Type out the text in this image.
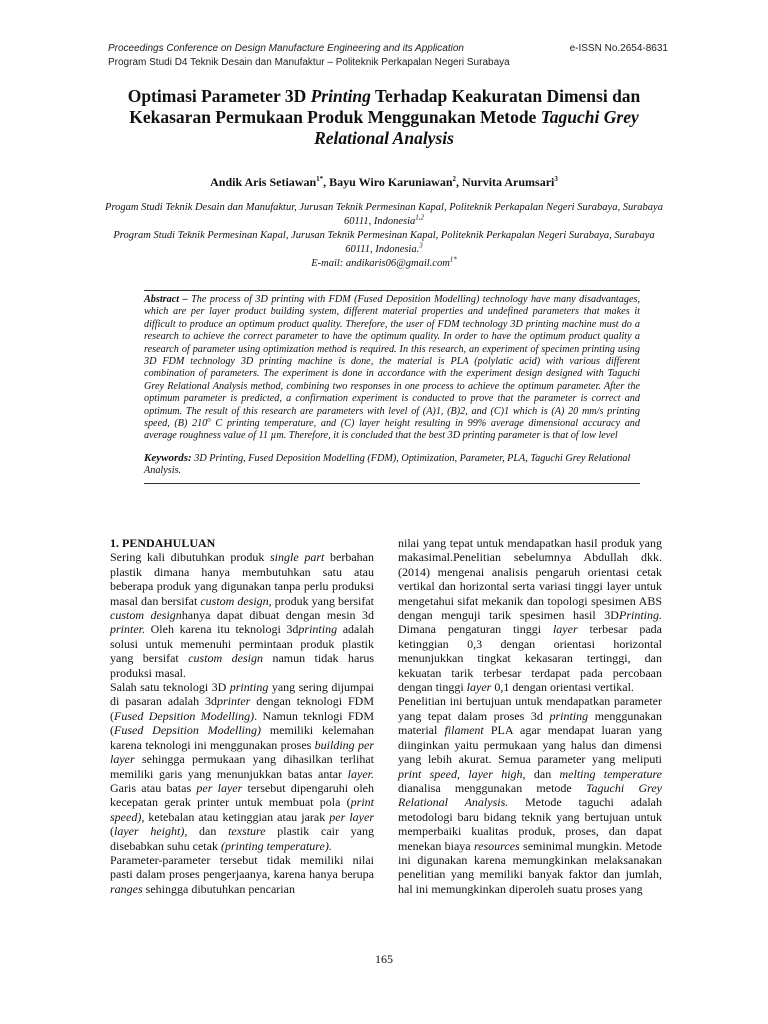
Proceedings Conference on Design Manufacture Engineering and its Application	e-ISSN No.2654-8631
Program Studi D4 Teknik Desain dan Manufaktur – Politeknik Perkapalan Negeri Surabaya
Optimasi Parameter 3D Printing Terhadap Keakuratan Dimensi dan Kekasaran Permukaan Produk Menggunakan Metode Taguchi Grey Relational Analysis
Andik Aris Setiawan$^{1*}$, Bayu Wiro Karuniawan$^2$, Nurvita Arumsari$^3$
Progam Studi Teknik Desain dan Manufaktur, Jurusan Teknik Permesinan Kapal, Politeknik Perkapalan Negeri Surabaya, Surabaya 60111, Indonesia$^{1,2}$
Program Studi Teknik Permesinan Kapal, Jurusan Teknik Permesinan Kapal, Politeknik Perkapalan Negeri Surabaya, Surabaya 60111, Indonesia.$^3$
E-mail: andikaris06@gmail.com$^{1*}$

Abstract – The process of 3D printing with FDM (Fused Deposition Modelling) technology have many disadvantages, which are per layer product building system, different material properties and undefined parameters that makes it difficult to produce an optimum product quality. Therefore, the user of FDM technology 3D printing machine must do a research to achieve the correct parameter to have the optimum quality. In order to have the optimum product quality a research of parameter using optimization method is required. In this research, an experiment of specimen printing using 3D FDM technology 3D printing machine is done, the material is PLA (polylatic acid) with various different combination of parameters. The experiment is done in accordance with the experiment design designed with Taguchi Grey Relational Analysis method, combining two responses in one process to achieve the optimum parameter. After the optimum parameter is predicted, a confirmation experiment is conducted to prove that the parameter is correct and optimum. The result of this research are parameters with level of (A)1, (B)2, and (C)1 which is (A) 20 mm/s printing speed, (B) 210$^o$ C printing temperature, and (C) layer height resulting in 99% average dimensional accuracy and average roughness value of 11 µm. Therefore, it is concluded that the best 3D printing parameter is that of low level

Keywords: 3D Printing, Fused Deposition Modelling (FDM), Optimization, Parameter, PLA, Taguchi Grey Relational Analysis.

1. PENDAHULUAN

Sering kali dibutuhkan produk single part berbahan plastik dimana hanya membutuhkan satu atau beberapa produk yang digunakan tanpa perlu produksi masal dan bersifat custom design, produk yang bersifat custom designhanya dapat dibuat dengan mesin 3d printer. Oleh karena itu teknologi 3dprinting adalah solusi untuk memenuhi permintaan produk plastik yang bersifat custom design namun tidak harus produksi masal.

Salah satu teknologi 3D printing yang sering dijumpai di pasaran adalah 3dprinter dengan teknologi FDM (Fused Depsition Modelling). Namun teknlogi FDM (Fused Depsition Modelling) memiliki kelemahan karena teknologi ini menggunakan proses building per layer sehingga permukaan yang dihasilkan terlihat memiliki garis yang menunjukkan batas antar layer. Garis atau batas per layer tersebut dipengaruhi oleh kecepatan gerak printer untuk membuat pola (print speed), ketebalan atau ketinggian atau jarak per layer (layer height), dan texsture plastik cair yang disebabkan suhu cetak (printing temperature).

Parameter-parameter tersebut tidak memiliki nilai pasti dalam proses pengerjaanya, karena hanya berupa ranges sehingga dibutuhkan pencarian

nilai yang tepat untuk mendapatkan hasil produk yang makasimal.Penelitian sebelumnya Abdullah dkk. (2014) mengenai analisis pengaruh orientasi cetak vertikal dan horizontal serta variasi tinggi layer untuk mengetahui sifat mekanik dan topologi spesimen ABS dengan menguji tarik spesimen hasil 3DPrinting. Dimana pengaturan tinggi layer terbesar pada ketinggian 0,3 dengan orientasi horizontal menunjukkan tingkat kekasaran tertinggi, dan kekuatan tarik terbesar terdapat pada percobaan dengan tinggi layer 0,1 dengan orientasi vertikal.

Penelitian ini bertujuan untuk mendapatkan parameter yang tepat dalam proses 3d printing menggunakan material filament PLA agar mendapat luaran yang diinginkan yaitu permukaan yang halus dan dimensi yang lebih akurat. Semua parameter yang meliputi print speed, layer high, dan melting temperature dianalisa menggunakan metode Taguchi Grey Relational Analysis. Metode taguchi adalah metodologi baru bidang teknik yang bertujuan untuk memperbaiki kualitas produk, proses, dan dapat menekan biaya resources seminimal mungkin. Metode ini digunakan karena memungkinkan melaksanakan penelitian yang memiliki banyak faktor dan jumlah, hal ini memungkinkan diperoleh suatu proses yang

165
